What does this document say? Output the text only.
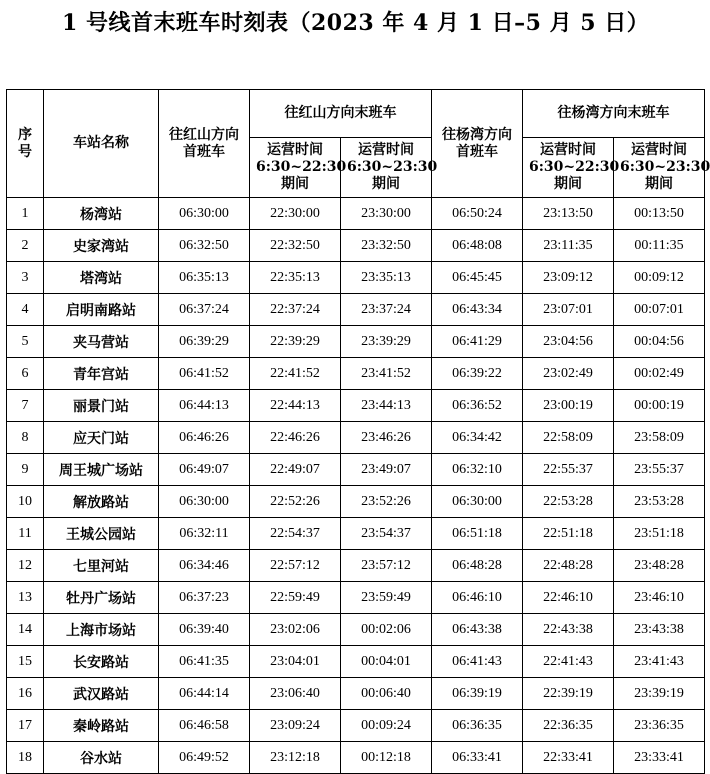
1 号线首末班车时刻表（2023 年 4 月 1 日–5 月 5 日）
序号	车站名称	往红山方向首班车	往红山方向末班车		往杨湾方向首班车	往杨湾方向末班车	
			运营时间 6:30~22:30 期间	运营时间 6:30~23:30 期间		运营时间 6:30~22:30 期间	运营时间 6:30~23:30 期间
1	杨湾站	06:30:00	22:30:00	23:30:00	06:50:24	23:13:50	00:13:50
2	史家湾站	06:32:50	22:32:50	23:32:50	06:48:08	23:11:35	00:11:35
3	塔湾站	06:35:13	22:35:13	23:35:13	06:45:45	23:09:12	00:09:12
4	启明南路站	06:37:24	22:37:24	23:37:24	06:43:34	23:07:01	00:07:01
5	夹马营站	06:39:29	22:39:29	23:39:29	06:41:29	23:04:56	00:04:56
6	青年宫站	06:41:52	22:41:52	23:41:52	06:39:22	23:02:49	00:02:49
7	丽景门站	06:44:13	22:44:13	23:44:13	06:36:52	23:00:19	00:00:19
8	应天门站	06:46:26	22:46:26	23:46:26	06:34:42	22:58:09	23:58:09
9	周王城广场站	06:49:07	22:49:07	23:49:07	06:32:10	22:55:37	23:55:37
10	解放路站	06:30:00	22:52:26	23:52:26	06:30:00	22:53:28	23:53:28
11	王城公园站	06:32:11	22:54:37	23:54:37	06:51:18	22:51:18	23:51:18
12	七里河站	06:34:46	22:57:12	23:57:12	06:48:28	22:48:28	23:48:28
13	牡丹广场站	06:37:23	22:59:49	23:59:49	06:46:10	22:46:10	23:46:10
14	上海市场站	06:39:40	23:02:06	00:02:06	06:43:38	22:43:38	23:43:38
15	长安路站	06:41:35	23:04:01	00:04:01	06:41:43	22:41:43	23:41:43
16	武汉路站	06:44:14	23:06:40	00:06:40	06:39:19	22:39:19	23:39:19
17	秦岭路站	06:46:58	23:09:24	00:09:24	06:36:35	22:36:35	23:36:35
18	谷水站	06:49:52	23:12:18	00:12:18	06:33:41	22:33:41	23:33:41
